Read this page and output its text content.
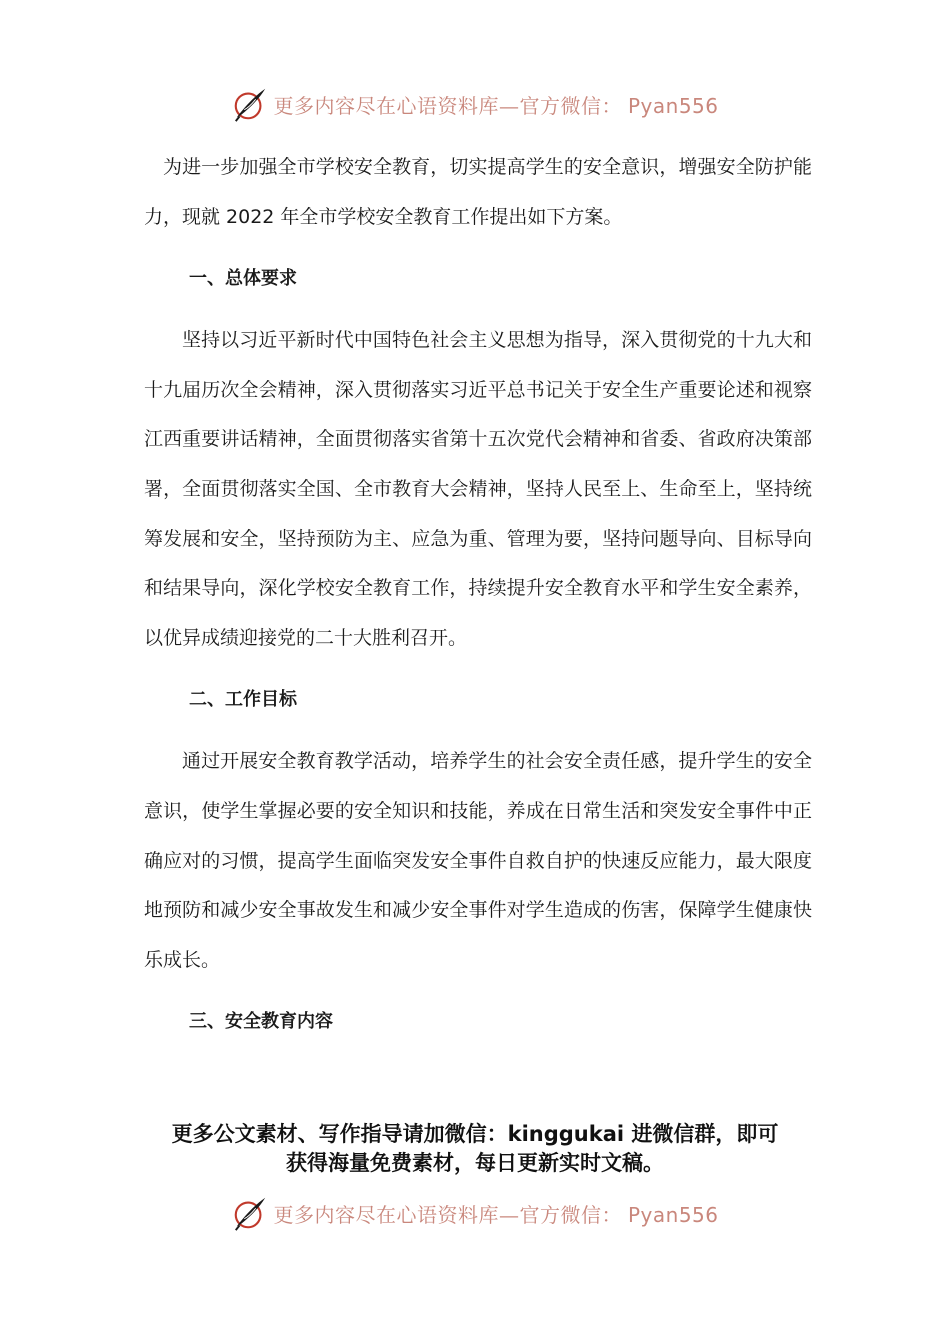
更多内容尽在心语资料库—官方微信： Pyan556

为进一步加强全市学校安全教育，切实提高学生的安全意识，增强安全防护能力，现就 2022 年全市学校安全教育工作提出如下方案。

一、总体要求

坚持以习近平新时代中国特色社会主义思想为指导，深入贯彻党的十九大和十九届历次全会精神，深入贯彻落实习近平总书记关于安全生产重要论述和视察江西重要讲话精神，全面贯彻落实省第十五次党代会精神和省委、省政府决策部署，全面贯彻落实全国、全市教育大会精神，坚持人民至上、生命至上，坚持统筹发展和安全，坚持预防为主、应急为重、管理为要，坚持问题导向、目标导向和结果导向，深化学校安全教育工作，持续提升安全教育水平和学生安全素养，以优异成绩迎接党的二十大胜利召开。

二、工作目标

通过开展安全教育教学活动，培养学生的社会安全责任感，提升学生的安全意识，使学生掌握必要的安全知识和技能，养成在日常生活和突发安全事件中正确应对的习惯，提高学生面临突发安全事件自救自护的快速反应能力，最大限度地预防和减少安全事故发生和减少安全事件对学生造成的伤害，保障学生健康快乐成长。

三、安全教育内容

更多公文素材、写作指导请加微信：kinggukai 进微信群，即可
获得海量免费素材，每日更新实时文稿。
更多内容尽在心语资料库—官方微信： Pyan556
